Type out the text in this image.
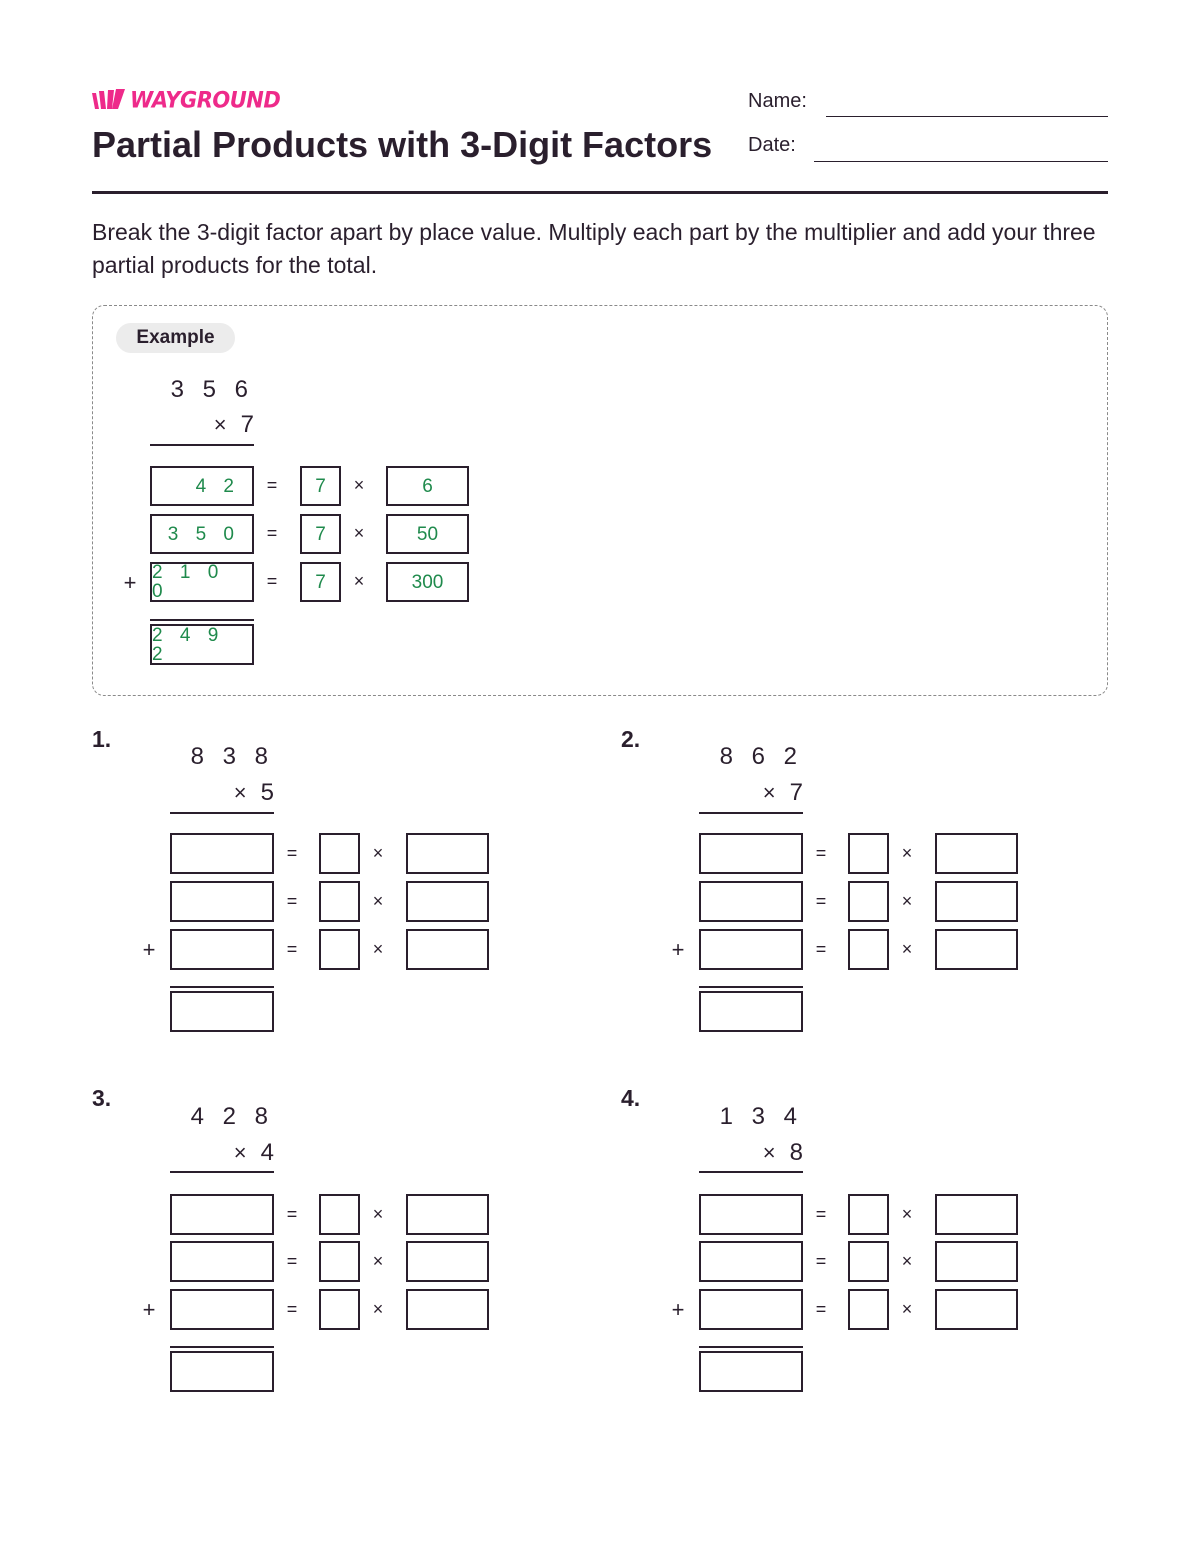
WAYGROUND
Partial Products with 3-Digit Factors
Name:
Date:
Break the 3-digit factor apart by place value. Multiply each part by the multiplier and add your three partial products for the total.
Example
3 5 6
× 7
4 2	=	7	×	6
3 5 0	=	7	×	50
2 1 0 0	=	7	×	300
+
2 4 9 2
1.
8 3 8
× 5
=	×
=	×
=	×
+
2.
8 6 2
× 7
=	×
=	×
=	×
+
3.
4 2 8
× 4
=	×
=	×
=	×
+
4.
1 3 4
× 8
=	×
=	×
=	×
+
